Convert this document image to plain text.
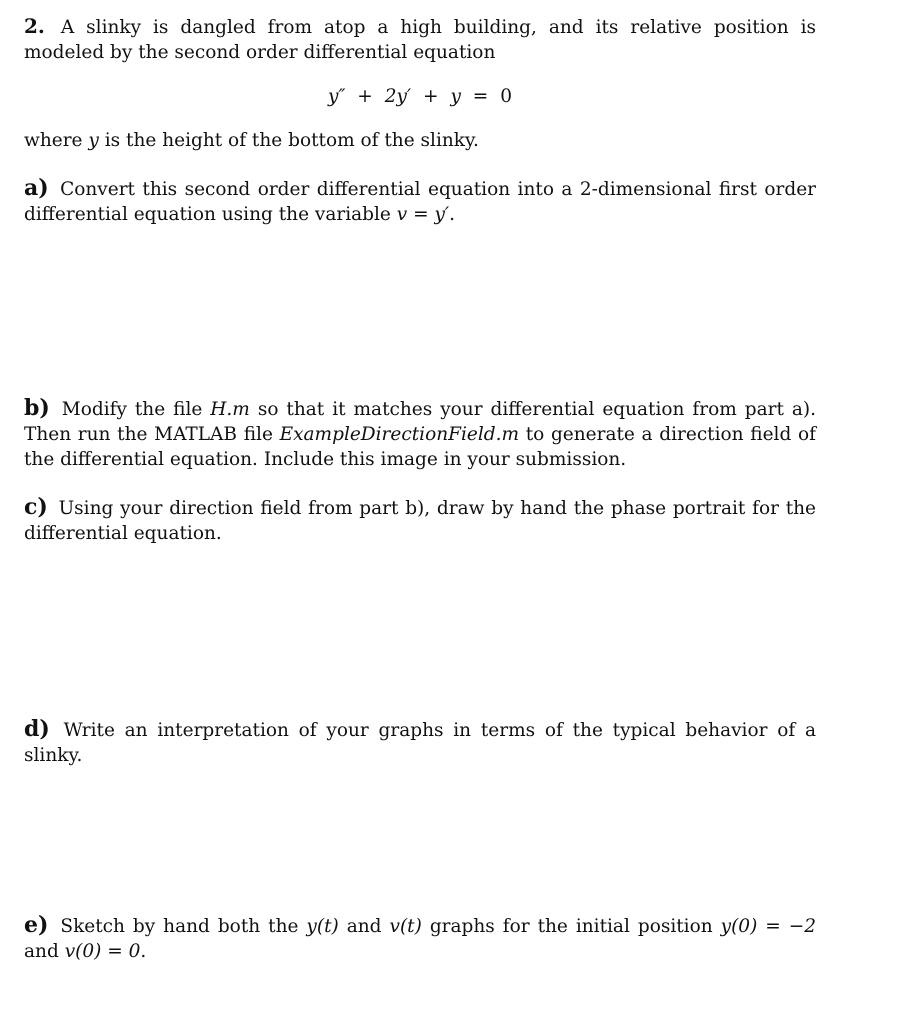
2. A slinky is dangled from atop a high building, and its relative position is modeled by the second order differential equation

y″ + 2y′ + y = 0

where y is the height of the bottom of the slinky.

a) Convert this second order differential equation into a 2-dimensional first order differential equation using the variable v = y′.

b) Modify the file H.m so that it matches your differential equation from part a). Then run the MATLAB file ExampleDirectionField.m to generate a direction field of the differential equation. Include this image in your submission.

c) Using your direction field from part b), draw by hand the phase portrait for the differential equation.

d) Write an interpretation of your graphs in terms of the typical behavior of a slinky.

e) Sketch by hand both the y(t) and v(t) graphs for the initial position y(0) = −2 and v(0) = 0.
